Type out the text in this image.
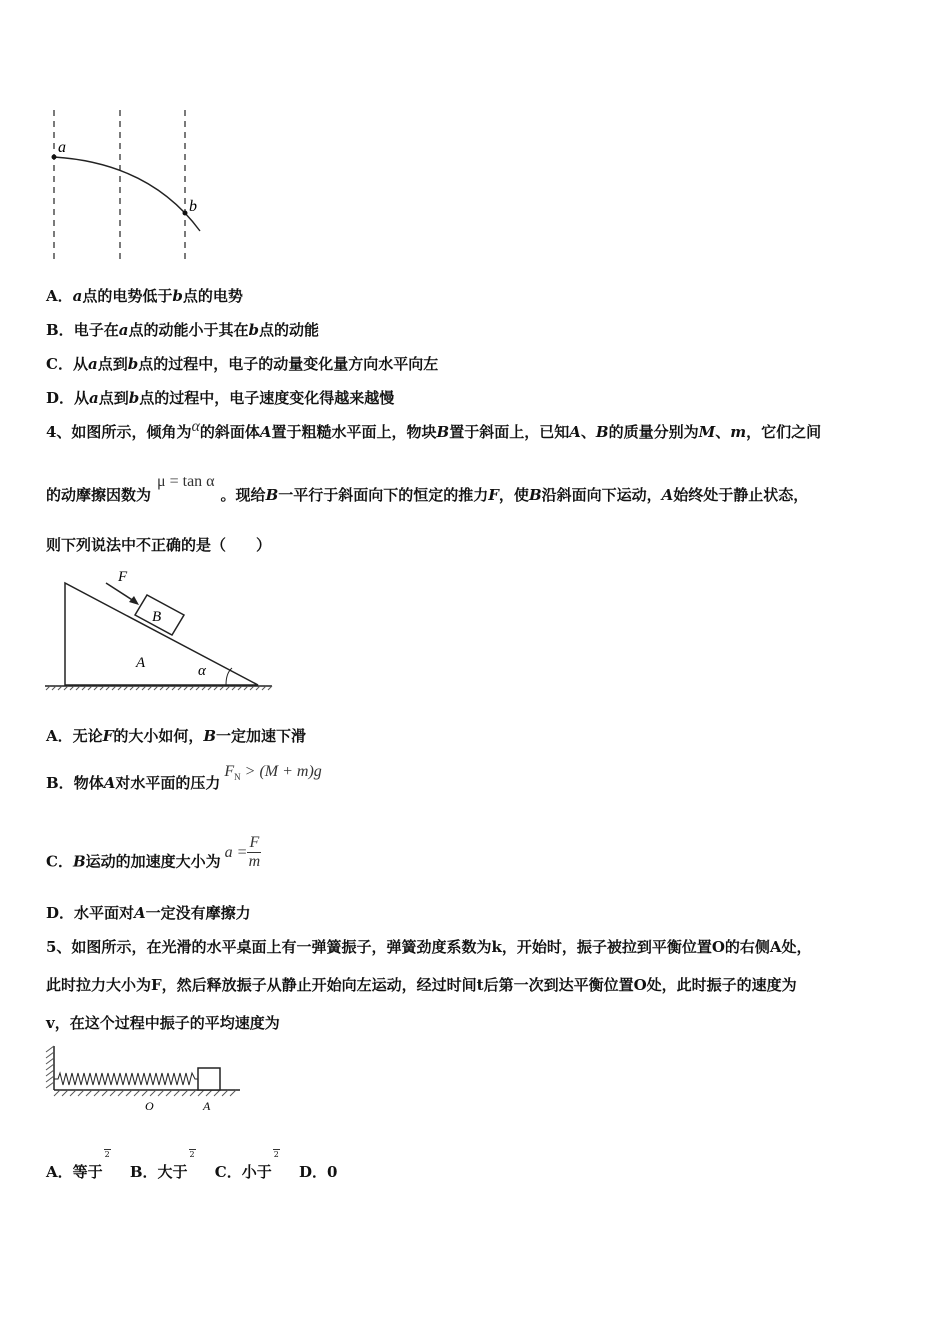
a
b
A．a点的电势低于b点的电势
B．电子在a点的动能小于其在b点的动能
C．从a点到b点的过程中，电子的动量变化量方向水平向左
D．从a点到b点的过程中，电子速度变化得越来越慢
4、如图所示，倾角为α的斜面体A置于粗糙水平面上，物块B置于斜面上，已知A、B的质量分别为M、m，它们之间
的动摩擦因数为μ = tan α。现给B一平行于斜面向下的恒定的推力F，使B沿斜面向下运动，A始终处于静止状态，
则下列说法中不正确的是（　　）
F
B
A	α
A．无论F的大小如何，B一定加速下滑
B．物体A对水平面的压力$F_N > (M + m)g$
C．B运动的加速度大小为$a = \frac{F}{m}$
D．水平面对A一定没有摩擦力
5、如图所示，在光滑的水平桌面上有一弹簧振子，弹簧劲度系数为k，开始时，振子被拉到平衡位置O的右侧A处，
此时拉力大小为F，然后释放振子从静止开始向左运动，经过时间t后第一次到达平衡位置O处，此时振子的速度为
v，在这个过程中振子的平均速度为
O	A
A．等于
2
B．大于
2
C．小于
2
D．0
